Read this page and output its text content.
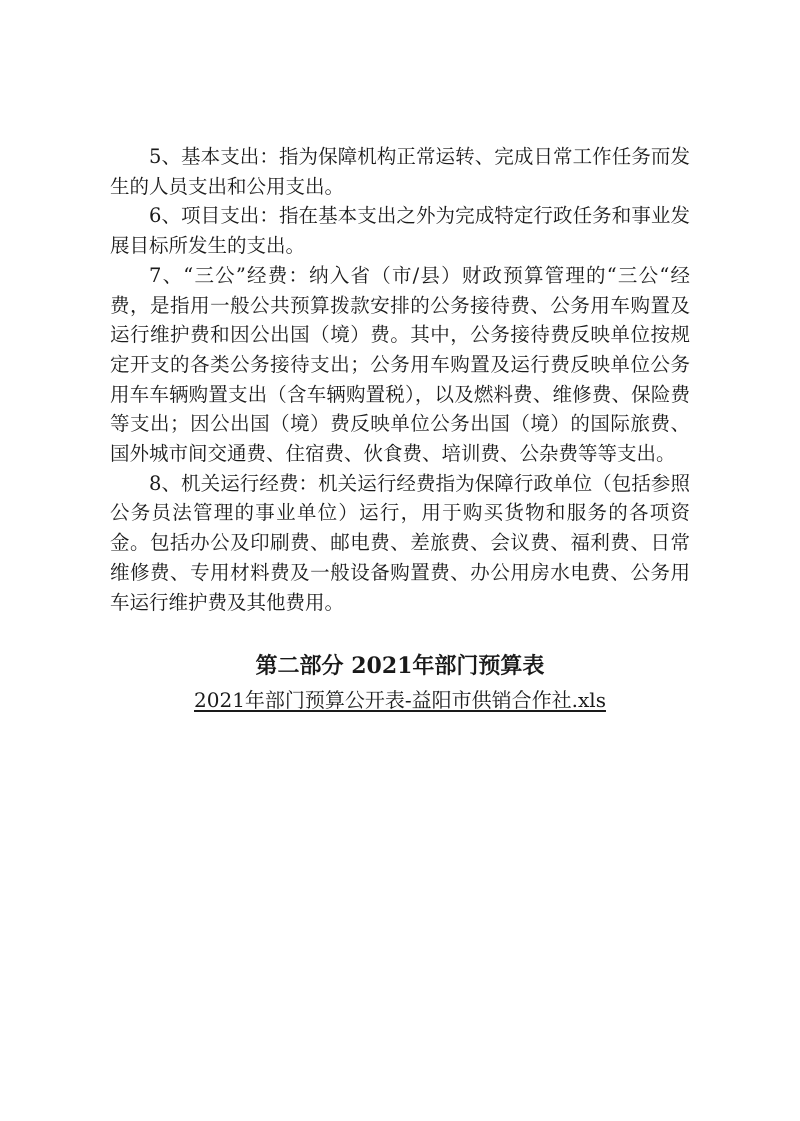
5、基本支出：指为保障机构正常运转、完成日常工作任务而发生的人员支出和公用支出。

6、项目支出：指在基本支出之外为完成特定行政任务和事业发展目标所发生的支出。

7、“三公”经费：纳入省（市/县）财政预算管理的“三公“经费，是指用一般公共预算拨款安排的公务接待费、公务用车购置及运行维护费和因公出国（境）费。其中，公务接待费反映单位按规定开支的各类公务接待支出；公务用车购置及运行费反映单位公务用车车辆购置支出（含车辆购置税），以及燃料费、维修费、保险费等支出；因公出国（境）费反映单位公务出国（境）的国际旅费、国外城市间交通费、住宿费、伙食费、培训费、公杂费等等支出。

8、机关运行经费：机关运行经费指为保障行政单位（包括参照公务员法管理的事业单位）运行，用于购买货物和服务的各项资金。包括办公及印刷费、邮电费、差旅费、会议费、福利费、日常维修费、专用材料费及一般设备购置费、办公用房水电费、公务用车运行维护费及其他费用。

第二部分 2021年部门预算表

2021年部门预算公开表-益阳市供销合作社.xls
